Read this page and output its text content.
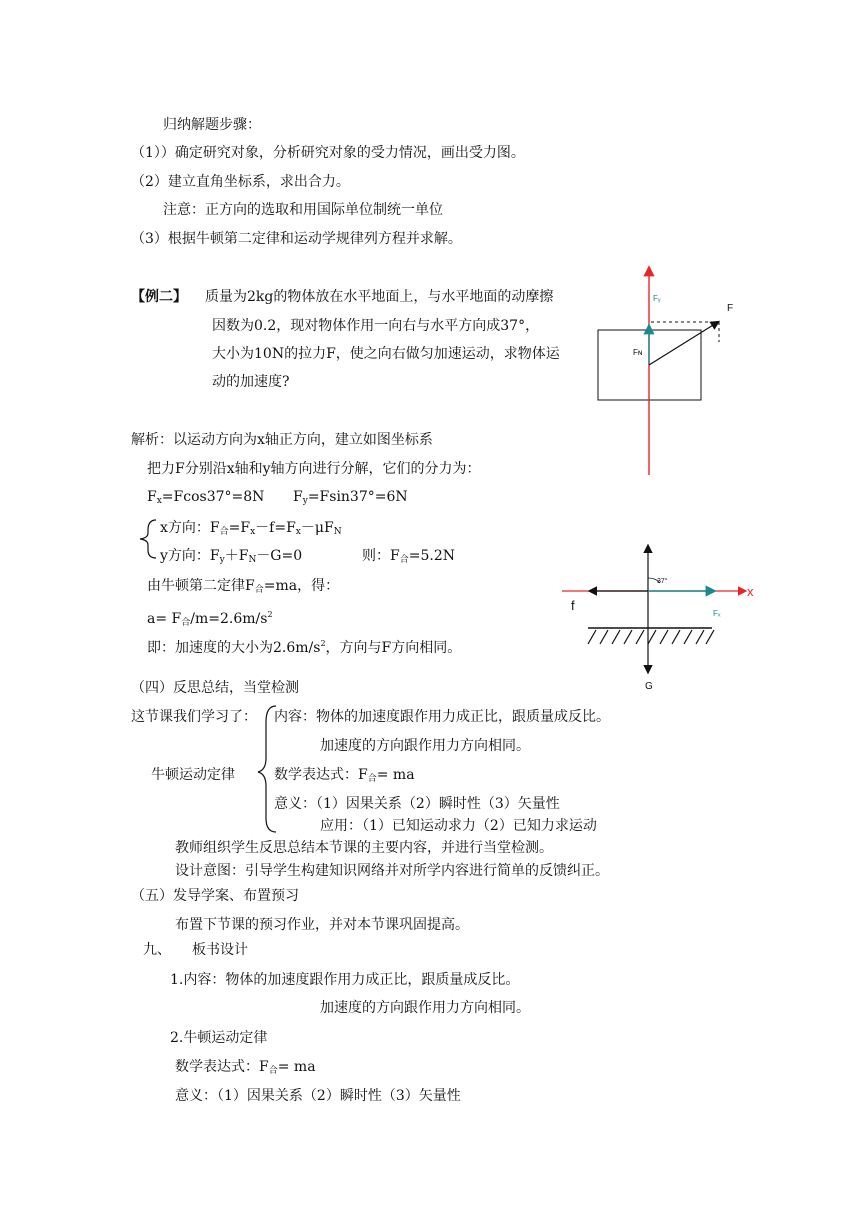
归纳解题步骤：
（1））确定研究对象，分析研究对象的受力情况，画出受力图。
（2）建立直角坐标系，求出合力。
注意：正方向的选取和用国际单位制统一单位
（3）根据牛顿第二定律和运动学规律列方程并求解。
【例二】 质量为2kg的物体放在水平地面上，与水平地面的动摩擦
因数为0.2，现对物体作用一向右与水平方向成37°，
大小为10N的拉力F，使之向右做匀加速运动，求物体运
动的加速度?
Fᵧ
F
Fɴ
解析：以运动方向为x轴正方向，建立如图坐标系
把力F分别沿x轴和y轴方向进行分解，它们的分力为：
Fx=Fcos37°=8N Fy=Fsin37°=6N
x方向：F合=Fx－f=Fx－μFN
y方向：Fy＋FN－G=0	则：F合=5.2N
由牛顿第二定律F合=ma，得：
a= F合$/m=2.6m/s^2$
即：加速度的大小为$2.6m/s^2$，方向与F方向相同。
x
f
Fₓ
37°
G
（四）反思总结，当堂检测
这节课我们学习了： 内容：物体的加速度跟作用力成正比，跟质量成反比。
加速度的方向跟作用力方向相同。
牛顿运动定律	数学表达式：F合= ma
意义：（1）因果关系（2）瞬时性（3）矢量性
应用：（1）已知运动求力（2）已知力求运动
教师组织学生反思总结本节课的主要内容，并进行当堂检测。
设计意图：引导学生构建知识网络并对所学内容进行简单的反馈纠正。
（五）发导学案、布置预习
布置下节课的预习作业，并对本节课巩固提高。
九、　　板书设计
1.内容：物体的加速度跟作用力成正比，跟质量成反比。
加速度的方向跟作用力方向相同。
2.牛顿运动定律
数学表达式：F合= ma
意义：（1）因果关系（2）瞬时性（3）矢量性
